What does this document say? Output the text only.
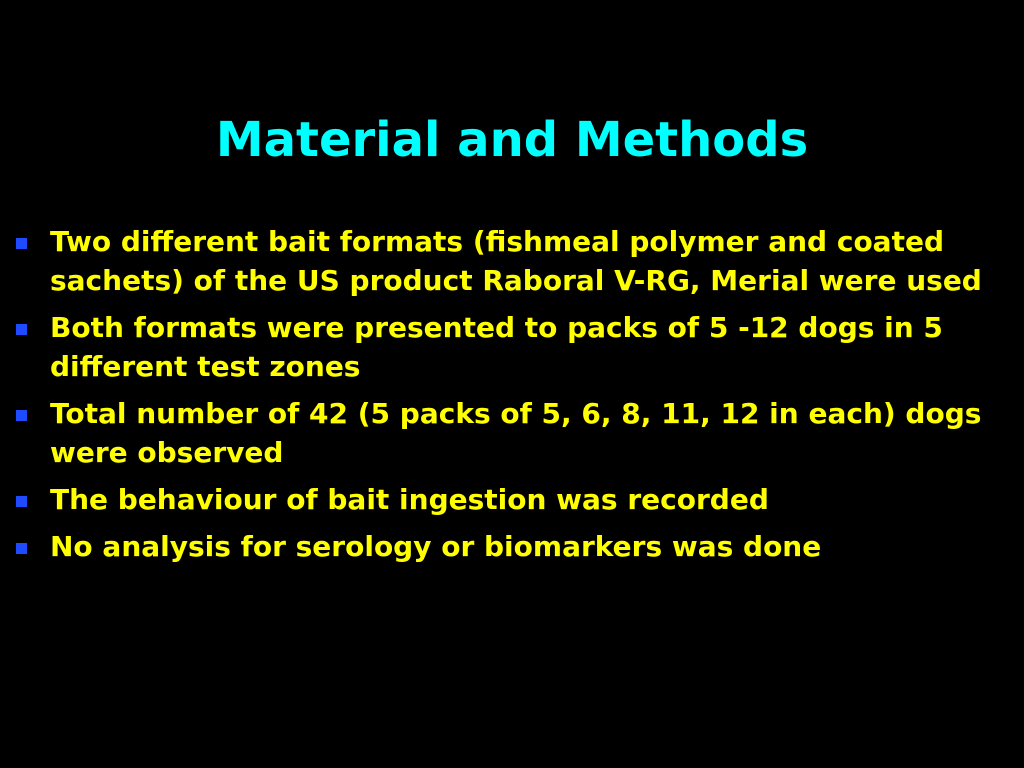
Material and Methods
Two different bait formats (fishmeal polymer and coated sachets) of the US product Raboral V-RG, Merial were used
Both formats were presented to packs of 5 -12 dogs in 5 different test zones
Total number of 42 (5 packs of 5, 6, 8, 11, 12 in each) dogs were observed
The behaviour of bait ingestion was recorded
No analysis for serology or biomarkers was done
